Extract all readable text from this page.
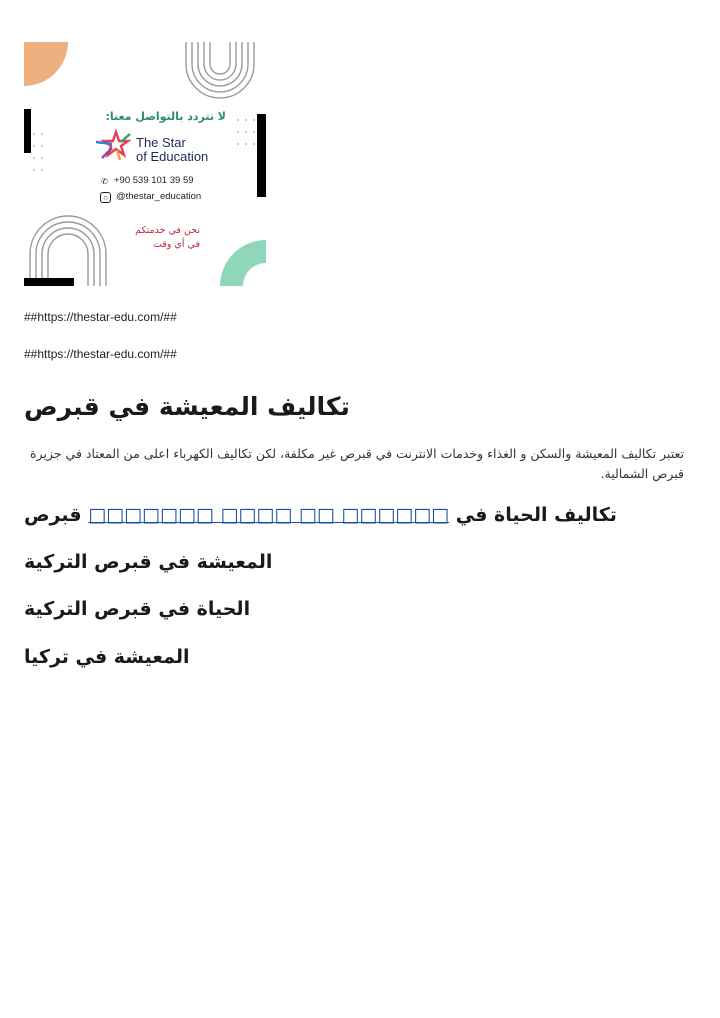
لا تتردد بالتواصل معنا:
The Star
of Education
✆ +90 539 101 39 59
○ @thestar_education
نحن في خدمتكم
في أي وقت
##https://thestar-edu.com/##
##https://thestar-edu.com/##
تكاليف المعيشة في قبرص
تعتبر تكاليف المعيشة والسكن و الغذاء وخدمات الانترنت في قبرص غير مكلفة، لكن تكاليف الكهرباء اعلى من المعتاد في جزيرة قبرص الشمالية.
تكاليف الحياة في □□□□□□ □□ □□□□ □□□□□□□ قبرص
المعيشة في قبرص التركية
الحياة في قبرص التركية
المعيشة في تركيا
